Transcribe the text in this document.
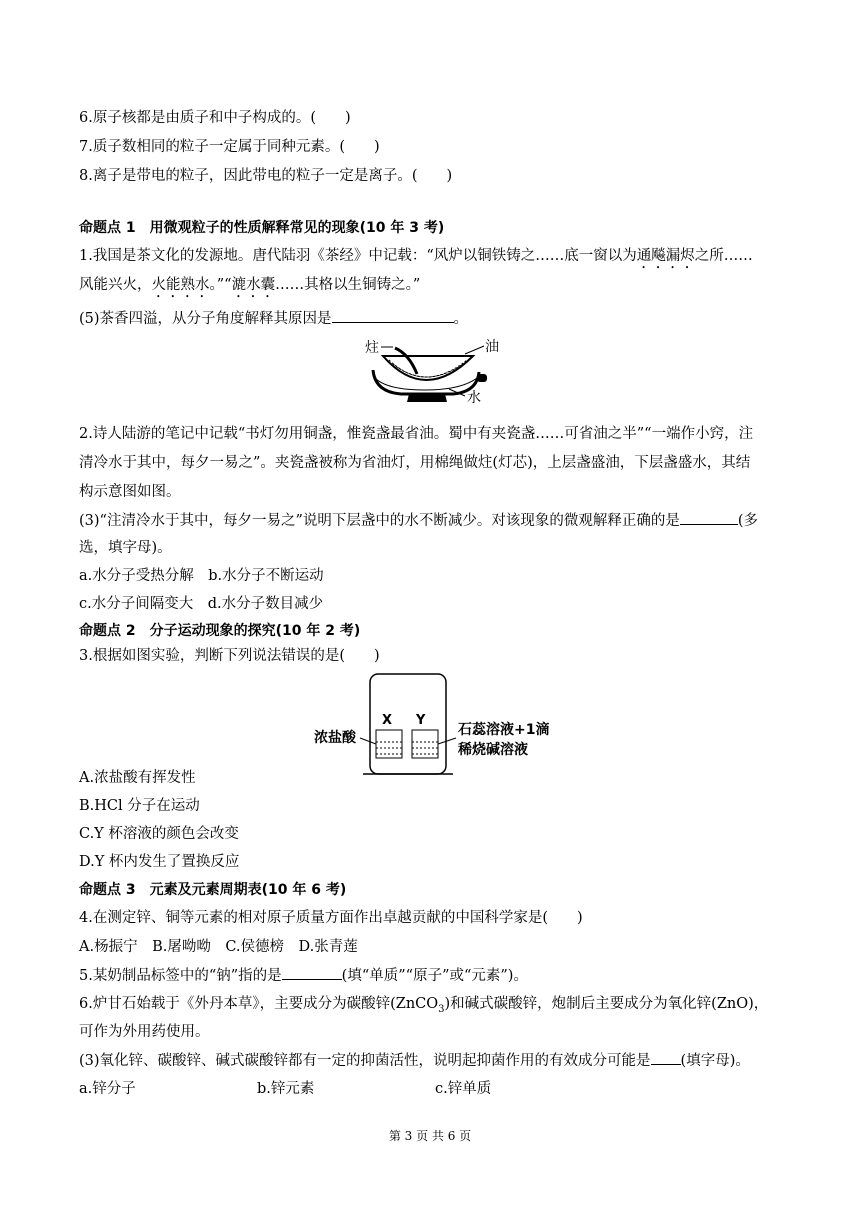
6.原子核都是由质子和中子构成的。(　　)
7.质子数相同的粒子一定属于同种元素。(　　)
8.离子是带电的粒子，因此带电的粒子一定是离子。(　　)
命题点 1　用微观粒子的性质解释常见的现象(10 年 3 考)
1.我国是茶文化的发源地。唐代陆羽《茶经》中记载：“风炉以铜铁铸之……底一窗以为通飚漏烬之所……
风能兴火，火能熟水。”“漉水囊……其格以生铜铸之。”
(5)茶香四溢，从分子角度解释其原因是	。
炷	油
水
2.诗人陆游的笔记中记载“书灯勿用铜盏，惟瓷盏最省油。蜀中有夹瓷盏……可省油之半”“一端作小窍，注
清冷水于其中，每夕一易之”。夹瓷盏被称为省油灯，用棉绳做炷(灯芯)，上层盏盛油，下层盏盛水，其结
构示意图如图。
(3)“注清冷水于其中，每夕一易之”说明下层盏中的水不断减少。对该现象的微观解释正确的是	(多
选，填字母)。
a.水分子受热分解　b.水分子不断运动
c.水分子间隔变大　d.水分子数目减少
命题点 2　分子运动现象的探究(10 年 2 考)
3.根据如图实验，判断下列说法错误的是(　　)
浓盐酸
X Y
石蕊溶液+1滴
稀烧碱溶液
A.浓盐酸有挥发性
B.HCl 分子在运动
C.Y 杯溶液的颜色会改变
D.Y 杯内发生了置换反应
命题点 3　元素及元素周期表(10 年 6 考)
4.在测定锌、铜等元素的相对原子质量方面作出卓越贡献的中国科学家是(　　)
A.杨振宁　B.屠呦呦　C.侯德榜　D.张青莲
5.某奶制品标签中的“钠”指的是	(填“单质”“原子”或“元素”)。
6.炉甘石始载于《外丹本草》，主要成分为碳酸锌(ZnCO$_3$)和碱式碳酸锌，炮制后主要成分为氧化锌(ZnO)，
可作为外用药使用。
(3)氧化锌、碳酸锌、碱式碳酸锌都有一定的抑菌活性，说明起抑菌作用的有效成分可能是 (填字母)。
a.锌分子	b.锌元素	c.锌单质
第 3 页 共 6 页
